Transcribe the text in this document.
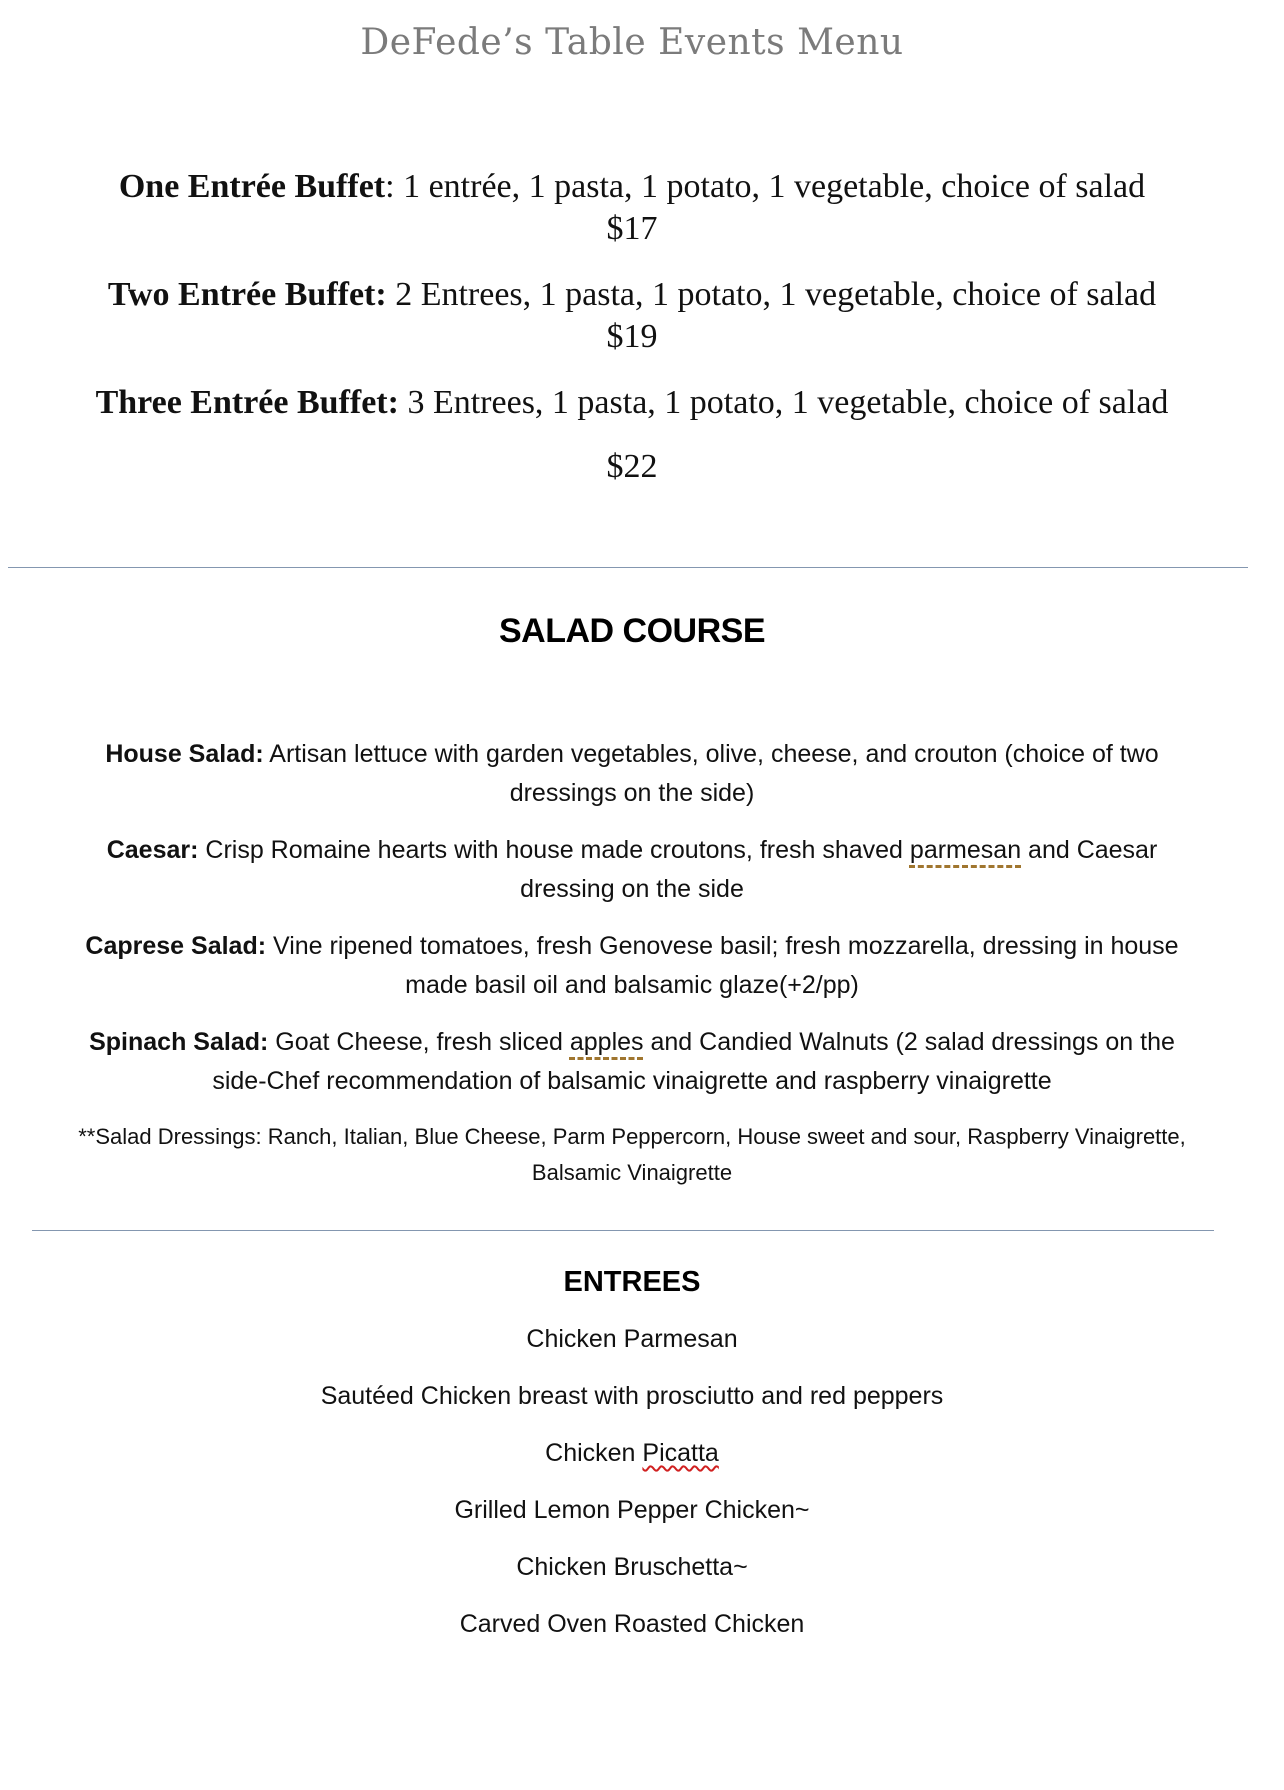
DeFede’s Table Events Menu

One Entrée Buffet: 1 entrée, 1 pasta, 1 potato, 1 vegetable, choice of salad

$17

Two Entrée Buffet: 2 Entrees, 1 pasta, 1 potato, 1 vegetable, choice of salad

$19

Three Entrée Buffet: 3 Entrees, 1 pasta, 1 potato, 1 vegetable, choice of salad

$22

SALAD COURSE

House Salad: Artisan lettuce with garden vegetables, olive, cheese, and crouton (choice of two dressings on the side)

Caesar: Crisp Romaine hearts with house made croutons, fresh shaved parmesan and Caesar dressing on the side

Caprese Salad: Vine ripened tomatoes, fresh Genovese basil; fresh mozzarella, dressing in house made basil oil and balsamic glaze(+2/pp)

Spinach Salad: Goat Cheese, fresh sliced apples and Candied Walnuts (2 salad dressings on the side-Chef recommendation of balsamic vinaigrette and raspberry vinaigrette

**Salad Dressings: Ranch, Italian, Blue Cheese, Parm Peppercorn, House sweet and sour, Raspberry Vinaigrette, Balsamic Vinaigrette

ENTREES
Chicken Parmesan
Sautéed Chicken breast with prosciutto and red peppers
Chicken Picatta
Grilled Lemon Pepper Chicken~
Chicken Bruschetta~
Carved Oven Roasted Chicken
